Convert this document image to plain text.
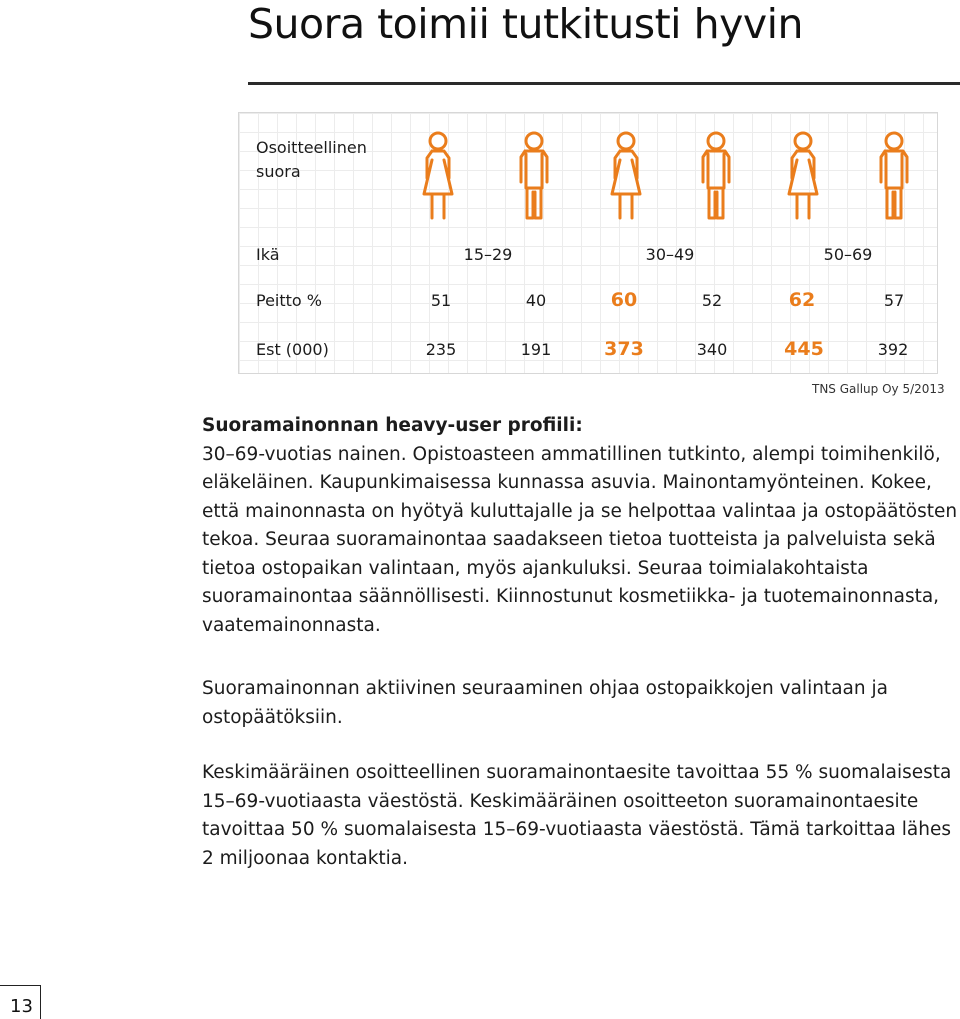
Suora toimii tutkitusti hyvin
Osoitteellinen
suora
Ikä	15–29	30–49	50–69
Peitto %	51	40	60	52	62	57
Est (000)	235	191	373	340	445	392
TNS Gallup Oy 5/2013

Suoramainonnan heavy-user profiili:
30–69-vuotias nainen. Opistoasteen ammatillinen tutkinto, alempi toimihenkilö, eläkeläinen. Kaupunkimaisessa kunnassa asuvia. Mainontamyönteinen. Kokee, että mainonnasta on hyötyä kuluttajalle ja se helpottaa valintaa ja ostopäätösten tekoa. Seuraa suoramainontaa saadakseen tietoa tuotteista ja palveluista sekä tietoa ostopaikan valintaan, myös ajankuluksi. Seuraa toimialakohtaista suoramainontaa säännöllisesti. Kiinnostunut kosmetiikka- ja tuotemainonnasta, vaatemainonnasta.

Suoramainonnan aktiivinen seuraaminen ohjaa ostopaikkojen valintaan ja ostopäätöksiin.

Keskimääräinen osoitteellinen suoramainontaesite tavoittaa 55 % suomalaisesta 15–69-vuotiaasta väestöstä. Keskimääräinen osoitteeton suoramainontaesite tavoittaa 50 % suomalaisesta 15–69-vuotiaasta väestöstä. Tämä tarkoittaa lähes 2 miljoonaa kontaktia.

13
